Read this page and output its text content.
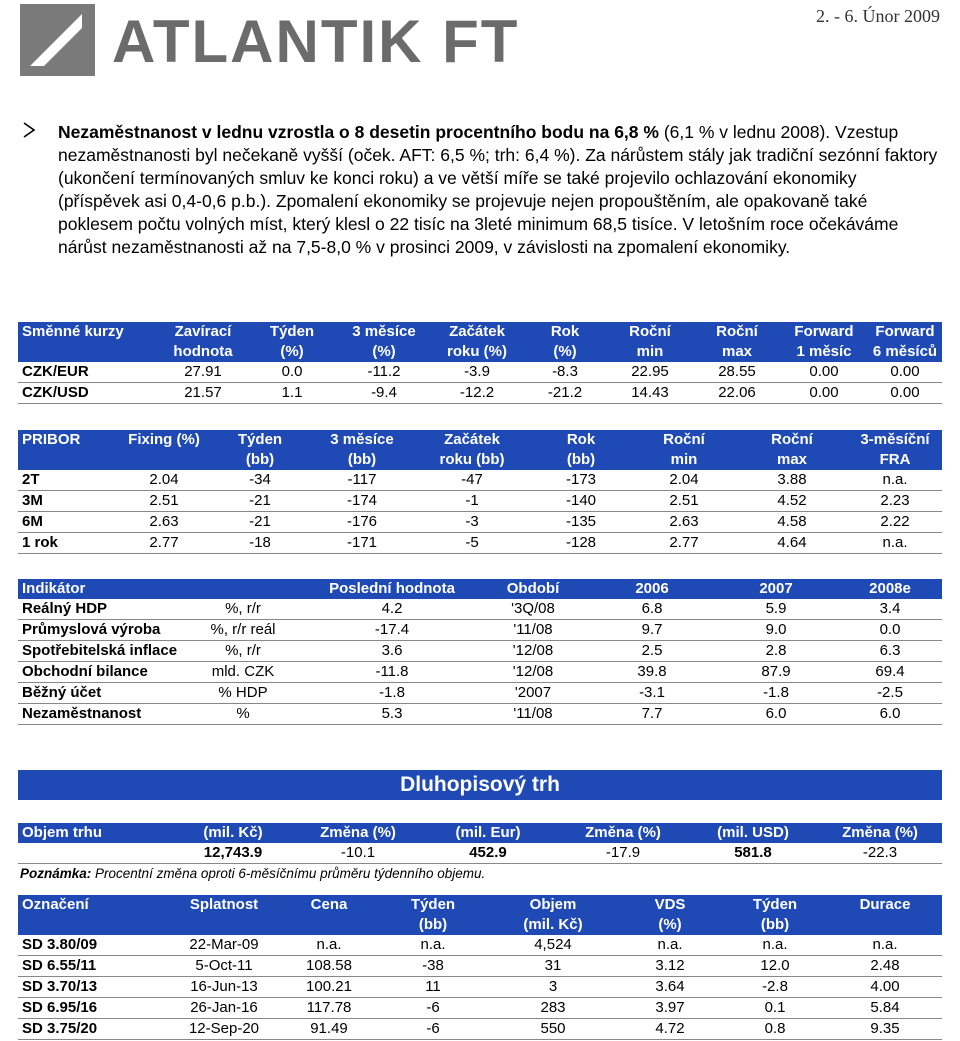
ATLANTIK FT	2. - 6. Únor 2009
Nezaměstnanost v lednu vzrostla o 8 desetin procentního bodu na 6,8 % (6,1 % v lednu 2008). Vzestup nezaměstnanosti byl nečekaně vyšší (oček. AFT: 6,5 %; trh: 6,4 %). Za nárůstem stály jak tradiční sezónní faktory (ukončení termínovaných smluv ke konci roku) a ve větší míře se také projevilo ochlazování ekonomiky (příspěvek asi 0,4-0,6 p.b.). Zpomalení ekonomiky se projevuje nejen propouštěním, ale opakovaně také poklesem počtu volných míst, který klesl o 22 tisíc na 3leté minimum 68,5 tisíce. V letošním roce očekáváme nárůst nezaměstnanosti až na 7,5-8,0 % v prosinci 2009, v závislosti na zpomalení ekonomiky.
Směnné kurzy	Zavírací	Týden	3 měsíce	Začátek	Rok	Roční	Roční	Forward	Forward
	hodnota	(%)	(%)	roku (%)	(%)	min	max	1 měsíc	6 měsíců
CZK/EUR	27.91	0.0	-11.2	-3.9	-8.3	22.95	28.55	0.00	0.00
CZK/USD	21.57	1.1	-9.4	-12.2	-21.2	14.43	22.06	0.00	0.00
PRIBOR	Fixing (%)	Týden	3 měsíce	Začátek	Rok	Roční	Roční	3-měsíční
		(bb)	(bb)	roku (bb)	(bb)	min	max	FRA
2T	2.04	-34	-117	-47	-173	2.04	3.88	n.a.
3M	2.51	-21	-174	-1	-140	2.51	4.52	2.23
6M	2.63	-21	-176	-3	-135	2.63	4.58	2.22
1 rok	2.77	-18	-171	-5	-128	2.77	4.64	n.a.
Indikátor		Poslední hodnota	Období	2006	2007	2008e
Reálný HDP	%, r/r	4.2	'3Q/08	6.8	5.9	3.4
Průmyslová výroba	%, r/r reál	-17.4	'11/08	9.7	9.0	0.0
Spotřebitelská inflace	%, r/r	3.6	'12/08	2.5	2.8	6.3
Obchodní bilance	mld. CZK	-11.8	'12/08	39.8	87.9	69.4
Běžný účet	% HDP	-1.8	'2007	-3.1	-1.8	-2.5
Nezaměstnanost	%	5.3	'11/08	7.7	6.0	6.0
Dluhopisový trh
Objem trhu	(mil. Kč)	Změna (%)	(mil. Eur)	Změna (%)	(mil. USD)	Změna (%)
	12,743.9	-10.1	452.9	-17.9	581.8	-22.3
Poznámka: Procentní změna oproti 6-měsíčnímu průměru týdenního objemu.
Označení	Splatnost	Cena	Týden	Objem	VDS	Týden	Durace
			(bb)	(mil. Kč)	(%)	(bb)	
SD 3.80/09	22-Mar-09	n.a.	n.a.	4,524	n.a.	n.a.	n.a.
SD 6.55/11	5-Oct-11	108.58	-38	31	3.12	12.0	2.48
SD 3.70/13	16-Jun-13	100.21	11	3	3.64	-2.8	4.00
SD 6.95/16	26-Jan-16	117.78	-6	283	3.97	0.1	5.84
SD 3.75/20	12-Sep-20	91.49	-6	550	4.72	0.8	9.35
